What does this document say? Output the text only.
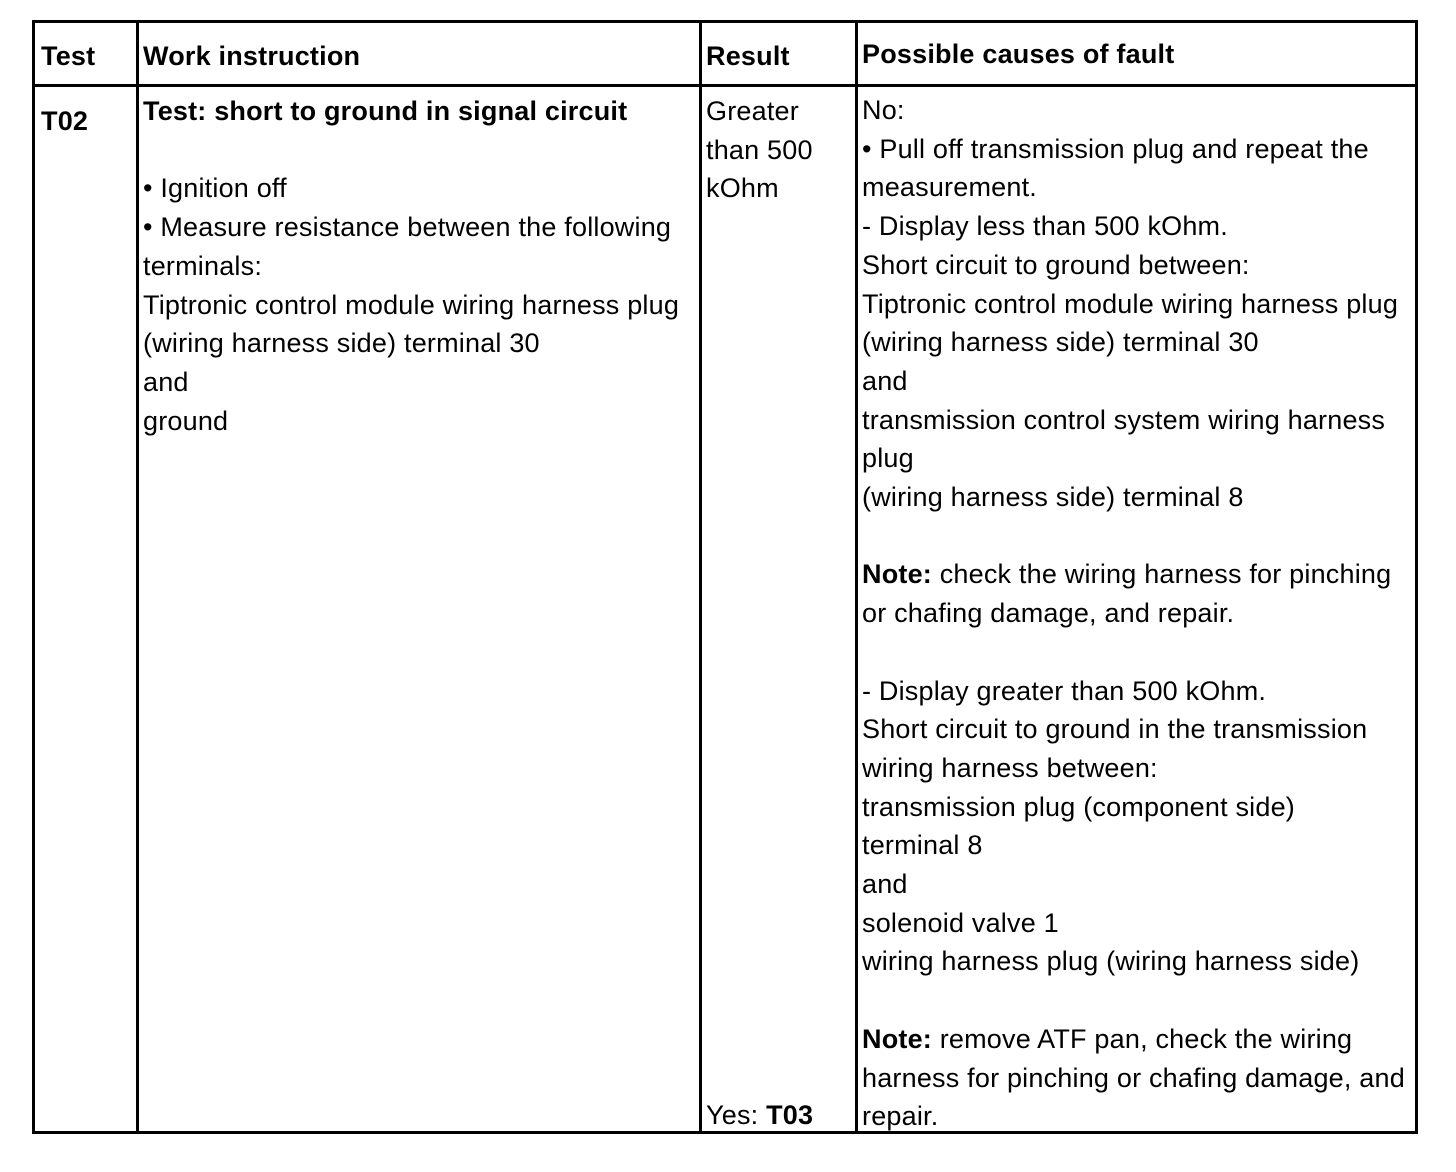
Test Work instruction	Result	Possible causes of fault
T02 Test: short to ground in signal circuit
• Ignition off
• Measure resistance between the following
terminals:
Tiptronic control module wiring harness plug
(wiring harness side) terminal 30
and
ground
Greater
than 500
kOhm
Yes: T03
No:
• Pull off transmission plug and repeat the
measurement.
- Display less than 500 kOhm.
Short circuit to ground between:
Tiptronic control module wiring harness plug
(wiring harness side) terminal 30
and
transmission control system wiring harness
plug
(wiring harness side) terminal 8
Note: check the wiring harness for pinching
or chafing damage, and repair.
- Display greater than 500 kOhm.
Short circuit to ground in the transmission
wiring harness between:
transmission plug (component side)
terminal 8
and
solenoid valve 1
wiring harness plug (wiring harness side)
Note: remove ATF pan, check the wiring
harness for pinching or chafing damage, and
repair.
